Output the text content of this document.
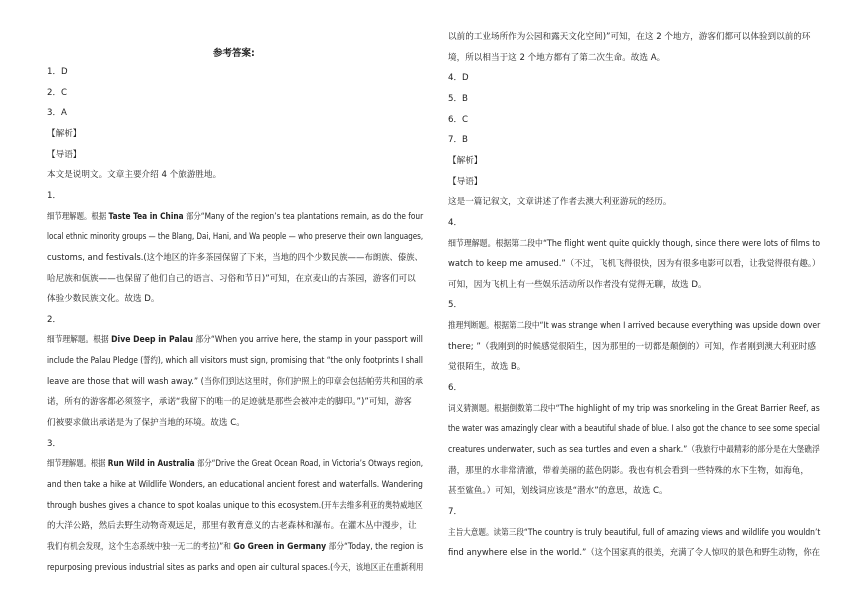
参考答案:
1．D
2．C
3．A
【解析】
【导语】
本文是说明文。文章主要介绍 4 个旅游胜地。
1．
细节理解题。根据 Taste Tea in China 部分“Many of the region’s tea plantations remain, as do the four
local ethnic minority groups — the Blang, Dai, Hani, and Wa people — who preserve their own languages,
customs, and festivals.(这个地区的许多茶园保留了下来，当地的四个少数民族——布朗族、傣族、
哈尼族和佤族——也保留了他们自己的语言、习俗和节日)”可知，在京麦山的古茶园，游客们可以
体验少数民族文化。故选 D。
2．
细节理解题。根据 Dive Deep in Palau 部分“When you arrive here, the stamp in your passport will
include the Palau Pledge (誓约), which all visitors must sign, promising that “the only footprints I shall
leave are those that will wash away.” (当你们到达这里时，你们护照上的印章会包括帕劳共和国的承
诺，所有的游客都必须签字，承诺“我留下的唯一的足迹就是那些会被冲走的脚印。”)”可知，游客
们被要求做出承诺是为了保护当地的环境。故选 C。
3．
细节理解题。根据 Run Wild in Australia 部分“Drive the Great Ocean Road, in Victoria’s Otways region,
and then take a hike at Wildlife Wonders, an educational ancient forest and waterfalls. Wandering
through bushes gives a chance to spot koalas unique to this ecosystem.(开车去维多利亚的奥特威地区
的大洋公路，然后去野生动物奇观远足，那里有教育意义的古老森林和瀑布。在灌木丛中漫步，让
我们有机会发现，这个生态系统中独一无二的考拉)”和 Go Green in Germany 部分“Today, the region is
repurposing previous industrial sites as parks and open air cultural spaces.(今天，该地区正在重新利用
以前的工业场所作为公园和露天文化空间)”可知，在这 2 个地方，游客们都可以体验到以前的环
境，所以相当于这 2 个地方都有了第二次生命。故选 A。
4．D
5．B
6．C
7．B
【解析】
【导语】
这是一篇记叙文，文章讲述了作者去澳大利亚游玩的经历。
4．
细节理解题。根据第二段中“The flight went quite quickly though, since there were lots of films to
watch to keep me amused.”（不过，飞机飞得很快，因为有很多电影可以看，让我觉得很有趣。）
可知，因为飞机上有一些娱乐活动所以作者没有觉得无聊，故选 D。
5．
推理判断题。根据第二段中“It was strange when I arrived because everything was upside down over
there; ”（我刚到的时候感觉很陌生，因为那里的一切都是颠倒的）可知，作者刚到澳大利亚时感
觉很陌生，故选 B。
6．
词义猜测题。根据倒数第二段中“The highlight of my trip was snorkeling in the Great Barrier Reef, as
the water was amazingly clear with a beautiful shade of blue. I also got the chance to see some special
creatures underwater, such as sea turtles and even a shark.”（我旅行中最精彩的部分是在大堡礁浮
潜，那里的水非常清澈，带着美丽的蓝色阴影。我也有机会看到一些特殊的水下生物，如海龟，
甚至鲨鱼。）可知，划线词应该是“潜水”的意思，故选 C。
7．
主旨大意题。读第三段“The country is truly beautiful, full of amazing views and wildlife you wouldn’t
find anywhere else in the world.”（这个国家真的很美，充满了令人惊叹的景色和野生动物，你在
